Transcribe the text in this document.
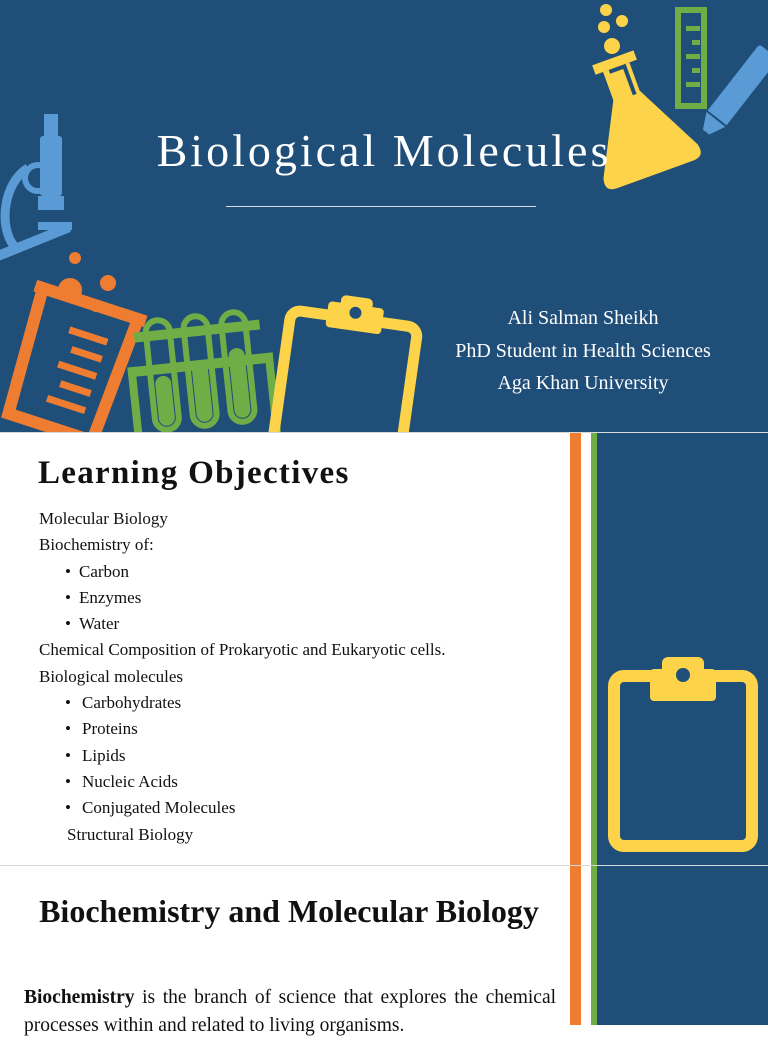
Biological Molecules
Ali Salman Sheikh
PhD Student in Health Sciences
Aga Khan University
Learning Objectives
Molecular Biology
Biochemistry of:
• Carbon
• Enzymes
• Water
Chemical Composition of Prokaryotic and Eukaryotic cells.
Biological molecules
• Carbohydrates
• Proteins
• Lipids
• Nucleic Acids
• Conjugated Molecules
Structural Biology
Biochemistry and Molecular Biology
Biochemistry is the branch of science that explores the chemical processes within and related to living organisms.
